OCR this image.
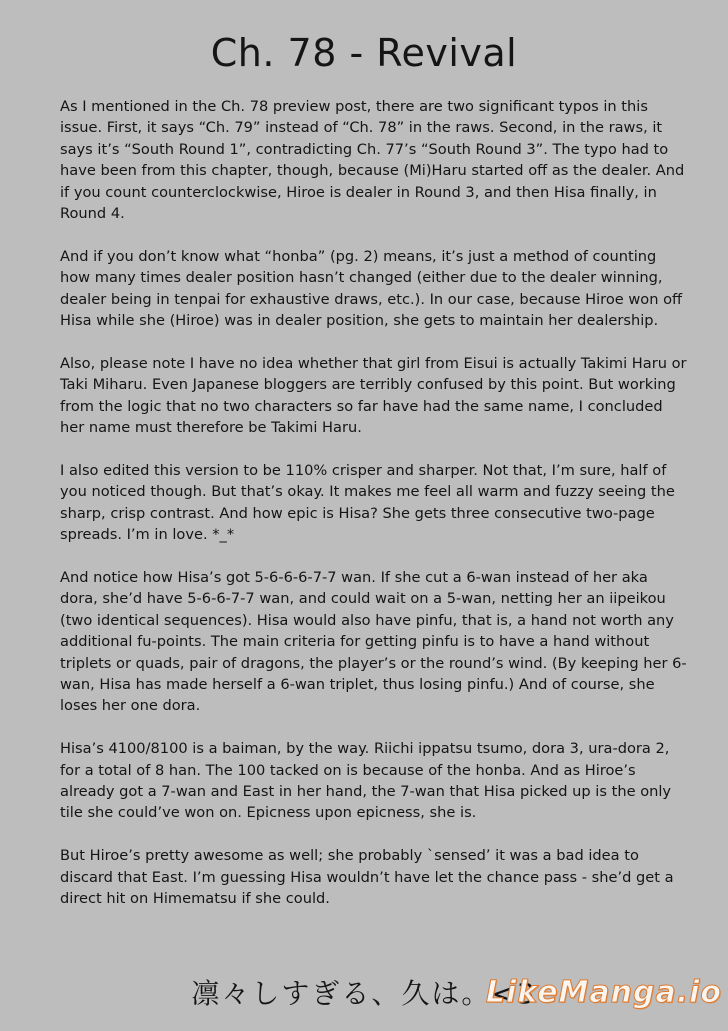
Ch. 78 - Revival

As I mentioned in the Ch. 78 preview post, there are two significant typos in this issue. First, it says “Ch. 79” instead of “Ch. 78” in the raws. Second, in the raws, it says it’s “South Round 1”, contradicting Ch. 77’s “South Round 3”. The typo had to have been from this chapter, though, because (Mi)Haru started off as the dealer. And if you count counterclockwise, Hiroe is dealer in Round 3, and then Hisa finally, in Round 4.

And if you don’t know what “honba” (pg. 2) means, it’s just a method of counting how many times dealer position hasn’t changed (either due to the dealer winning, dealer being in tenpai for exhaustive draws, etc.). In our case, because Hiroe won off Hisa while she (Hiroe) was in dealer position, she gets to maintain her dealership.

Also, please note I have no idea whether that girl from Eisui is actually Takimi Haru or Taki Miharu. Even Japanese bloggers are terribly confused by this point. But working from the logic that no two characters so far have had the same name, I concluded her name must therefore be Takimi Haru.

I also edited this version to be 110% crisper and sharper. Not that, I’m sure, half of you noticed though. But that’s okay. It makes me feel all warm and fuzzy seeing the sharp, crisp contrast. And how epic is Hisa? She gets three consecutive two-page spreads. I’m in love. *_*

And notice how Hisa’s got 5-6-6-6-7-7 wan. If she cut a 6-wan instead of her aka dora, she’d have 5-6-6-7-7 wan, and could wait on a 5-wan, netting her an iipeikou (two identical sequences). Hisa would also have pinfu, that is, a hand not worth any additional fu-points. The main criteria for getting pinfu is to have a hand without triplets or quads, pair of dragons, the player’s or the round’s wind. (By keeping her 6-wan, Hisa has made herself a 6-wan triplet, thus losing pinfu.) And of course, she loses her one dora.

Hisa’s 4100/8100 is a baiman, by the way. Riichi ippatsu tsumo, dora 3, ura-dora 2, for a total of 8 han. The 100 tacked on is because of the honba. And as Hiroe’s already got a 7-wan and East in her hand, the 7-wan that Hisa picked up is the only tile she could’ve won on. Epicness upon epicness, she is.

But Hiroe’s pretty awesome as well; she probably `sensed’ it was a bad idea to discard that East. I’m guessing Hisa wouldn’t have let the chance pass - she’d get a direct hit on Himematsu if she could.

凛々しすぎる、久は。<3
LikeManga.io
